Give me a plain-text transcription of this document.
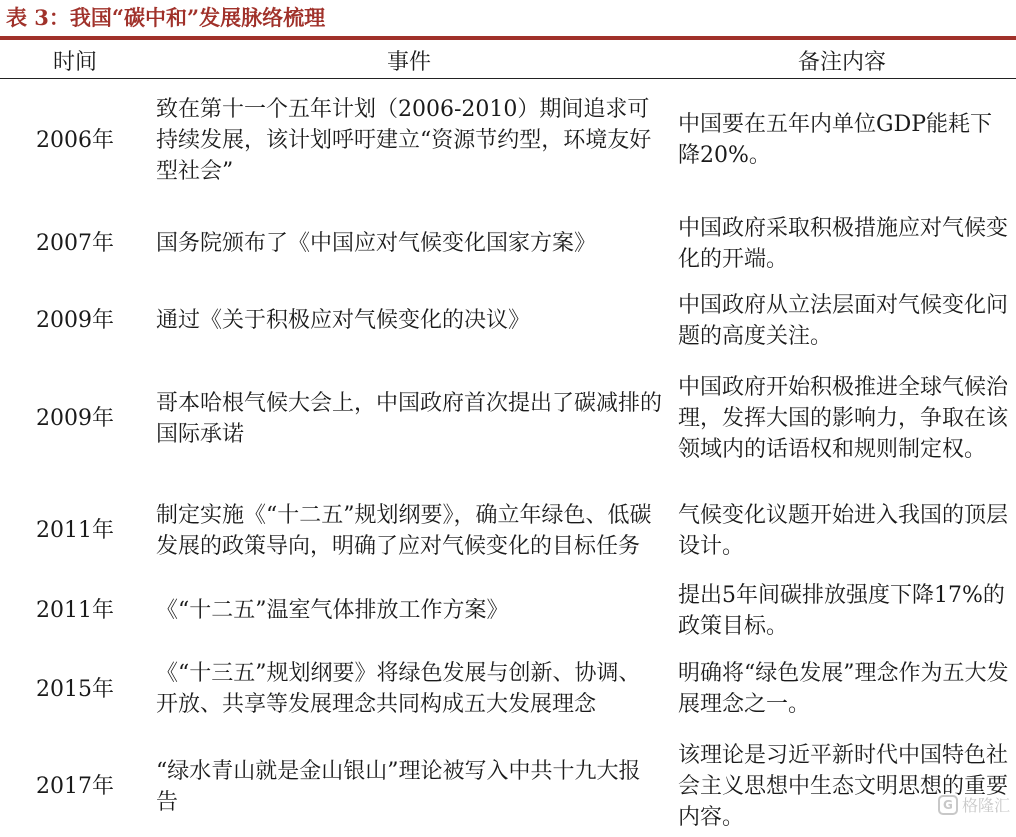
表 3：我国“碳中和”发展脉络梳理
时间	事件	备注内容
2006年	致在第十一个五年计划（2006-2010）期间追求可持续发展，该计划呼吁建立“资源节约型，环境友好型社会”	中国要在五年内单位GDP能耗下降20%。
2007年	国务院颁布了《中国应对气候变化国家方案》	中国政府采取积极措施应对气候变化的开端。
2009年	通过《关于积极应对气候变化的决议》	中国政府从立法层面对气候变化问题的高度关注。
2009年	哥本哈根气候大会上，中国政府首次提出了碳减排的国际承诺	中国政府开始积极推进全球气候治理，发挥大国的影响力，争取在该领域内的话语权和规则制定权。
2011年	制定实施《“十二五”规划纲要》，确立年绿色、低碳发展的政策导向，明确了应对气候变化的目标任务	气候变化议题开始进入我国的顶层设计。
2011年	《“十二五”温室气体排放工作方案》	提出5年间碳排放强度下降17%的政策目标。
2015年	《“十三五”规划纲要》将绿色发展与创新、协调、开放、共享等发展理念共同构成五大发展理念	明确将“绿色发展”理念作为五大发展理念之一。
2017年	“绿水青山就是金山银山”理论被写入中共十九大报告	该理论是习近平新时代中国特色社会主义思想中生态文明思想的重要内容。
G 格隆汇
